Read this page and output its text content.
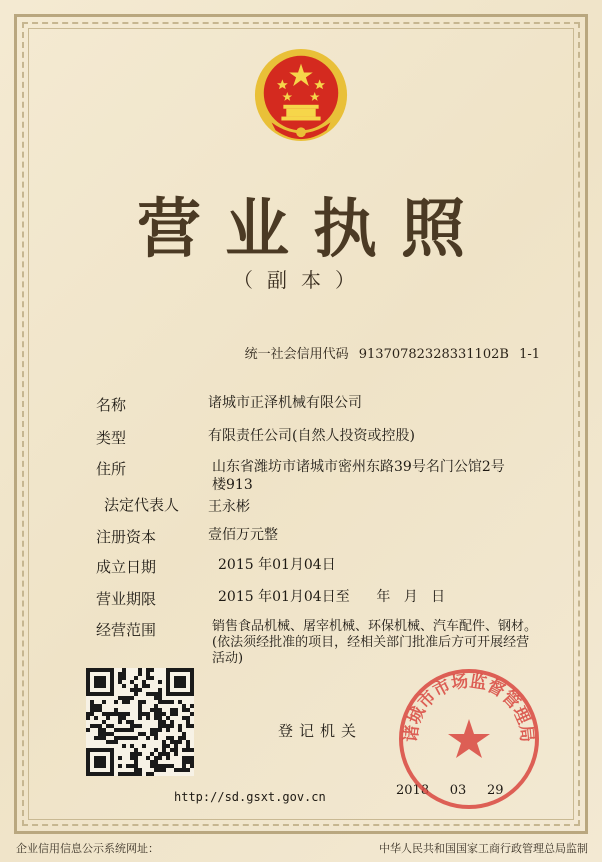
营业执照
（副本）
统一社会信用代码 91370782328331102B 1-1
名称	诸城市正泽机械有限公司
类型	有限责任公司(自然人投资或控股)
住所	山东省潍坊市诸城市密州东路39号名门公馆2号
楼913
法定代表人 王永彬
注册资本	壹佰万元整
成立日期	2015 年01月04日
营业期限	2015 年01月04日至      年   月   日
经营范围	销售食品机械、屠宰机械、环保机械、汽车配件、钢材。
(依法须经批准的项目，经相关部门批准后方可开展经营
活动)
登记机关
http://sd.gsxt.gov.cn	2018     03     29
诸城市市场监督管理局
企业信用信息公示系统网址：	中华人民共和国国家工商行政管理总局监制
